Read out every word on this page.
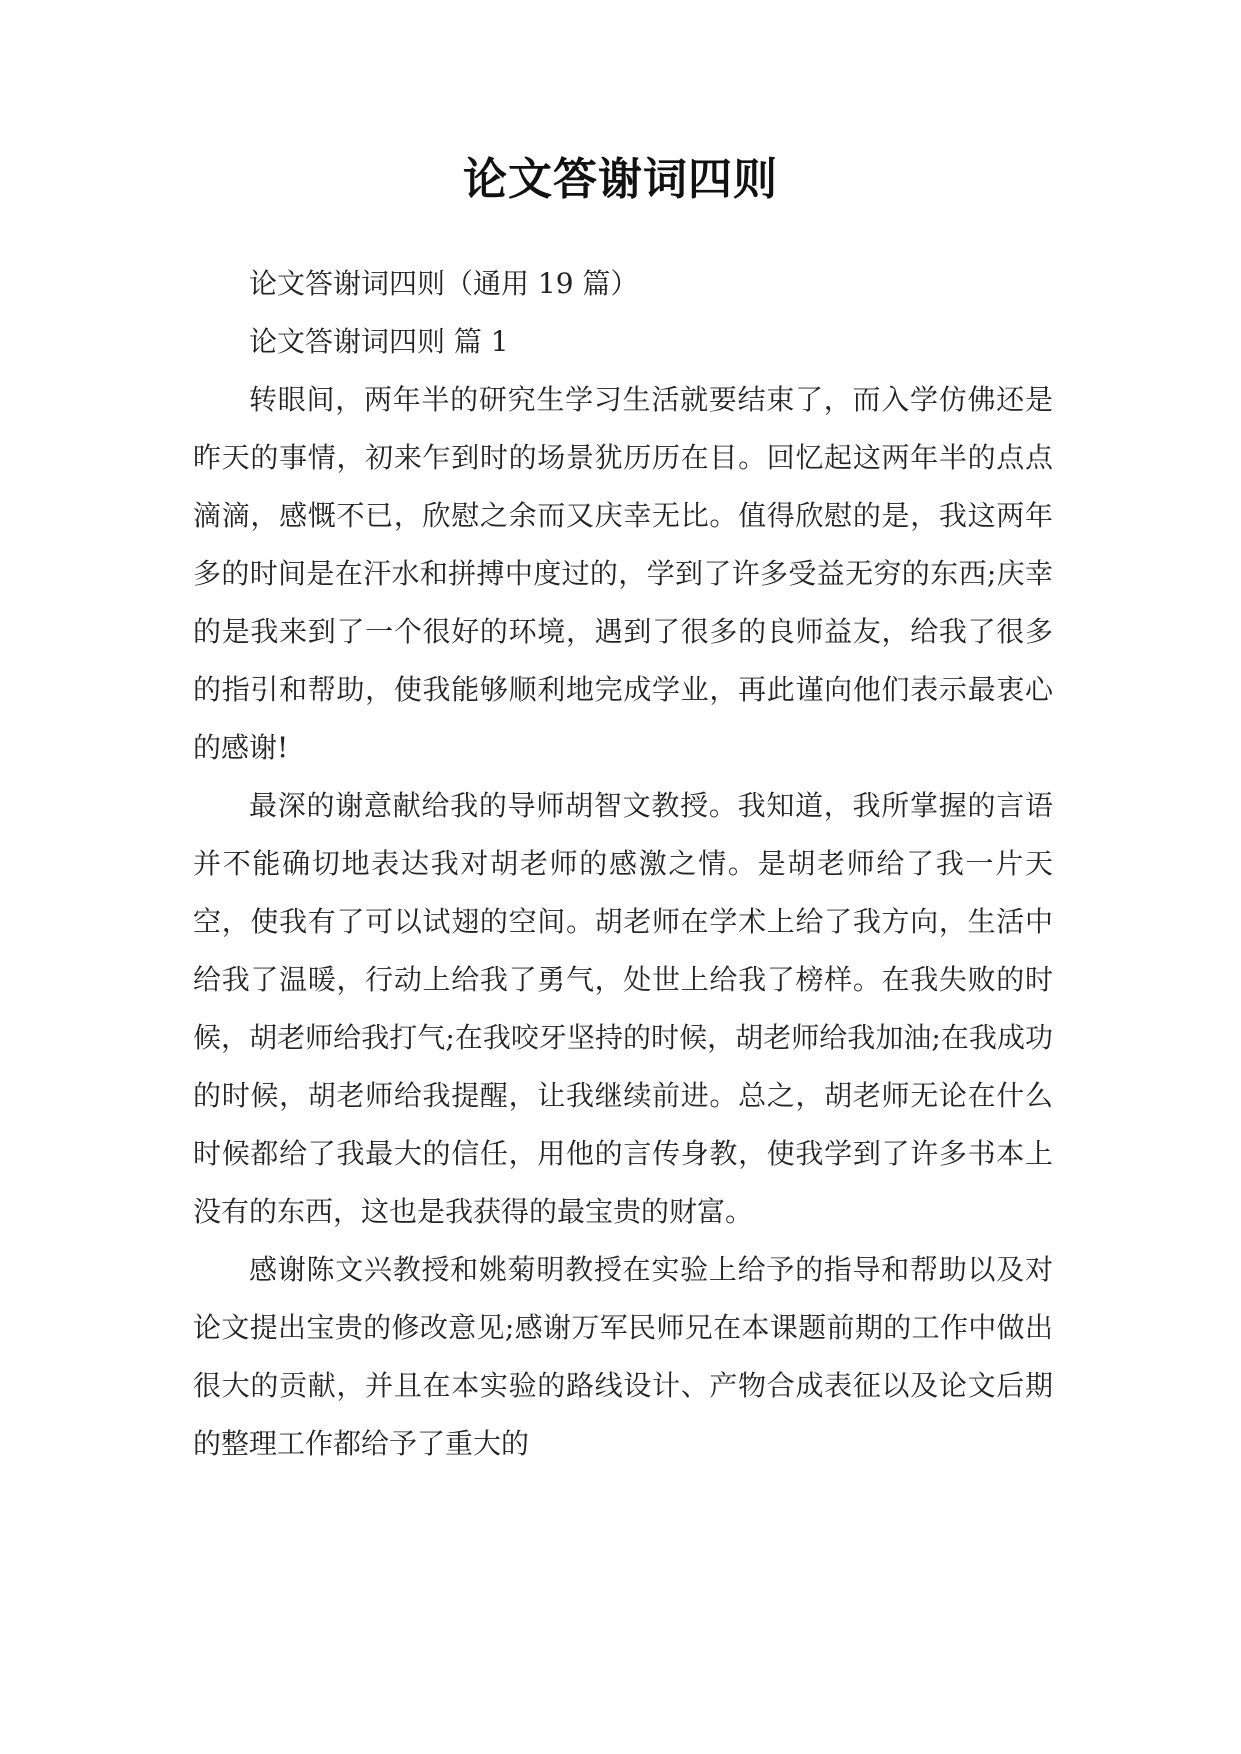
论文答谢词四则

论文答谢词四则（通用 19 篇）

论文答谢词四则 篇 1

转眼间，两年半的研究生学习生活就要结束了，而入学仿佛还是昨天的事情，初来乍到时的场景犹历历在目。回忆起这两年半的点点滴滴，感慨不已，欣慰之余而又庆幸无比。值得欣慰的是，我这两年多的时间是在汗水和拼搏中度过的，学到了许多受益无穷的东西;庆幸的是我来到了一个很好的环境，遇到了很多的良师益友，给我了很多的指引和帮助，使我能够顺利地完成学业，再此谨向他们表示最衷心的感谢!

最深的谢意献给我的导师胡智文教授。我知道，我所掌握的言语并不能确切地表达我对胡老师的感激之情。是胡老师给了我一片天空，使我有了可以试翅的空间。胡老师在学术上给了我方向，生活中给我了温暖，行动上给我了勇气，处世上给我了榜样。在我失败的时候，胡老师给我打气;在我咬牙坚持的时候，胡老师给我加油;在我成功的时候，胡老师给我提醒，让我继续前进。总之，胡老师无论在什么时候都给了我最大的信任，用他的言传身教，使我学到了许多书本上没有的东西，这也是我获得的最宝贵的财富。

感谢陈文兴教授和姚菊明教授在实验上给予的指导和帮助以及对论文提出宝贵的修改意见;感谢万军民师兄在本课题前期的工作中做出很大的贡献，并且在本实验的路线设计、产物合成表征以及论文后期的整理工作都给予了重大的
